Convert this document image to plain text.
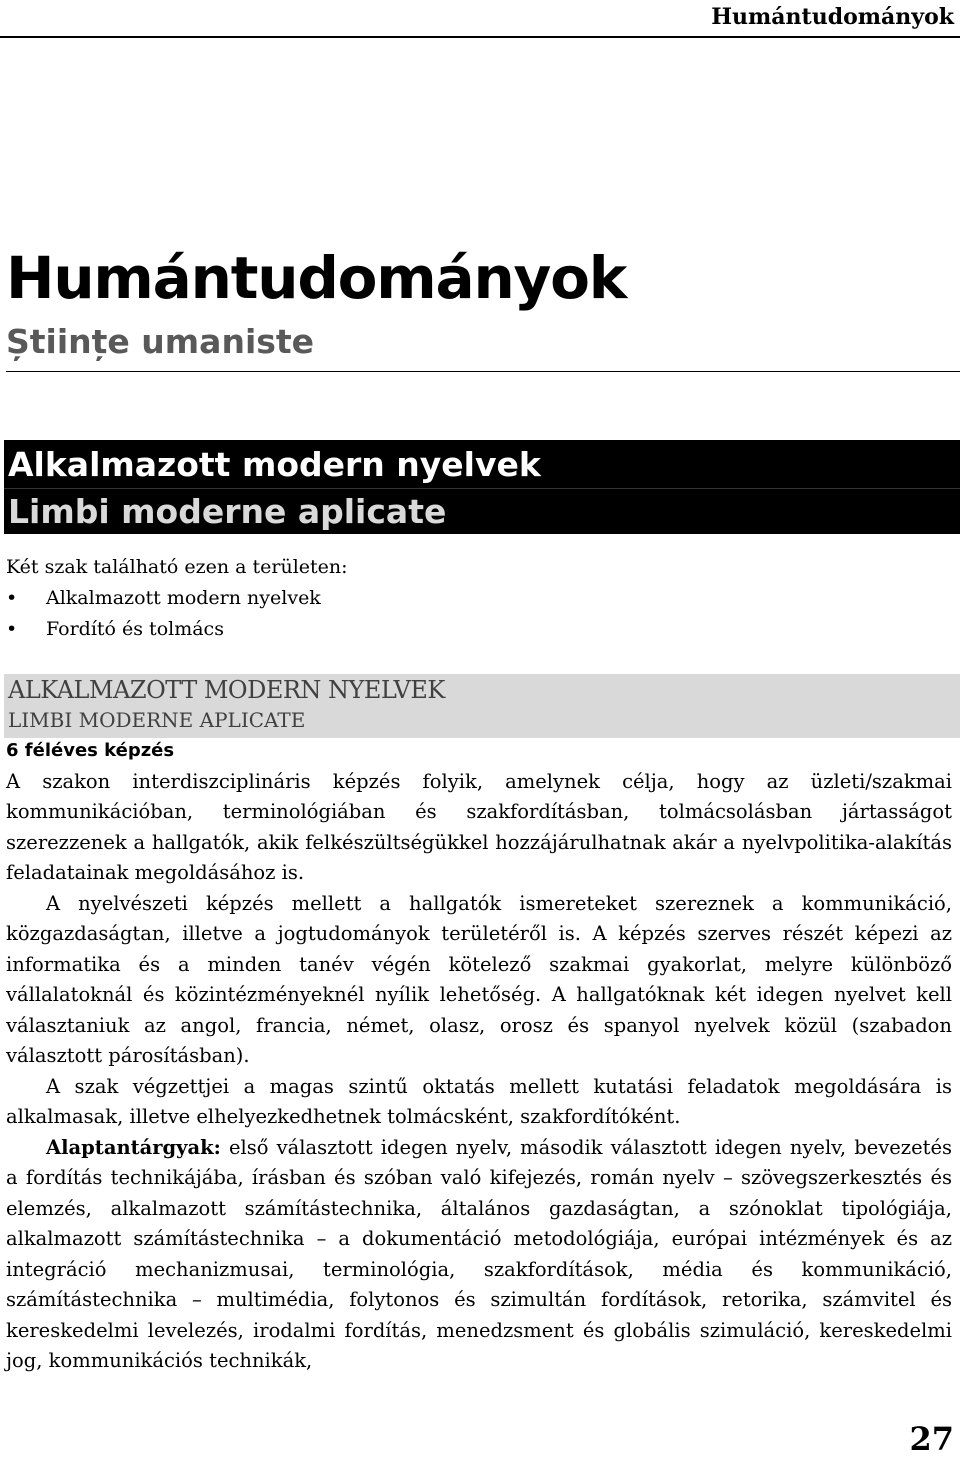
Humántudományok
Humántudományok
Științe umaniste
Alkalmazott modern nyelvek
Limbi moderne aplicate
Két szak található ezen a területen:
• Alkalmazott modern nyelvek
• Fordító és tolmács
ALKALMAZOTT MODERN NYELVEK
LIMBI MODERNE APLICATE
6 féléves képzés

A szakon interdiszciplináris képzés folyik, amelynek célja, hogy az üzleti/szakmai kommunikációban, terminológiában és szakfordításban, tolmácsolásban jártasságot szerezzenek a hallgatók, akik felkészültségükkel hozzájárulhatnak akár a nyelvpolitika-alakítás feladatainak megoldásához is.

A nyelvészeti képzés mellett a hallgatók ismereteket szereznek a kommunikáció, közgazdaságtan, illetve a jogtudományok területéről is. A képzés szerves részét képezi az informatika és a minden tanév végén kötelező szakmai gyakorlat, melyre különböző vállalatoknál és közintézményeknél nyílik lehetőség. A hallgatóknak két idegen nyelvet kell választaniuk az angol, francia, német, olasz, orosz és spanyol nyelvek közül (szabadon választott párosításban).

A szak végzettjei a magas szintű oktatás mellett kutatási feladatok megoldására is alkalmasak, illetve elhelyezkedhetnek tolmácsként, szakfordítóként.

Alaptantárgyak: első választott idegen nyelv, második választott idegen nyelv, bevezetés a fordítás technikájába, írásban és szóban való kifejezés, román nyelv – szövegszerkesztés és elemzés, alkalmazott számítástechnika, általános gazdaságtan, a szónoklat tipológiája, alkalmazott számítástechnika – a dokumentáció metodológiája, európai intézmények és az integráció mechanizmusai, terminológia, szakfordítások, média és kommunikáció, számítástechnika – multimédia, folytonos és szimultán fordítások, retorika, számvitel és kereskedelmi levelezés, irodalmi fordítás, menedzsment és globális szimuláció, kereskedelmi jog, kommunikációs technikák,

27
